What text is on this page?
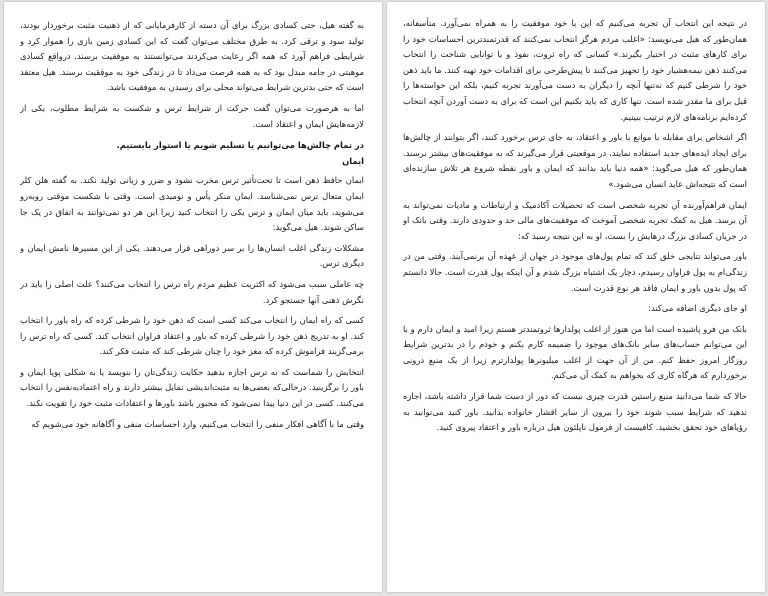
به گفته هیل، حتی کسادی بزرگ برای آن دسته از کارفرمایانی که از ذهنیت مثبت برخوردار بودند، تولید سود و ترقی کرد. به طرق مختلف می‌توان گفت که این کسادی زمین بازی را هموار کرد و شرایطی فراهم آورد که همه اگر رعایت می‌کردند می‌توانستند به موفقیت برسند. درواقع کسادی موهبتی در جامه مبدل بود که به همه فرصت می‌داد تا در زندگی خود به موفقیت برسند. هیل معتقد است که حتی بدترین شرایط می‌تواند محلی برای رسیدن به موفقیت باشد.

اما به هرصورت می‌توان گفت حرکت از شرایط ترس و شکست به شرایط مطلوب، یکی از لازمه‌هایش ایمان و اعتقاد است.

در تمام چالش‌ها می‌توانیم یا تسلیم شویم یا استوار بایستیم.

ایمان

ایمان حافظ ذهن است تا تحت‌تأثیر ترس مخرب نشود و ضرر و زیانی تولید نکند. به گفته هلن کلر ایمان متعال ترس نمی‌شناسد. ایمان منکر یأس و نومیدی است. وقتی با شکست موقتی روبه‌رو می‌شوید، باید میان ایمان و ترس یکی را انتخاب کنید زیرا این هر دو نمی‌توانند به اتفاق در یک جا ساکن شوند. هیل می‌گوید:

مشکلات زندگی اغلب انسان‌ها را بر سر دوراهی قرار می‌دهند. یکی از این مسیرها نامش ایمان و دیگری ترس.

چه عاملی سبب می‌شود که اکثریت عظیم مردم راه ترس را انتخاب می‌کنند؟ علت اصلی را باید در نگرش ذهنی آنها جستجو کرد.

کسی که راه ایمان را انتخاب می‌کند کسی است که ذهن خود را شرطی کرده که راه باور را انتخاب کند. او به تدریج ذهن خود را شرطی کرده که باور و اعتقاد فراوان انتخاب کند. کسی که راه ترس را برمی‌گزیند فراموش کرده که مغز خود را چنان شرطی کند که مثبت فکر کند.

انتخابش را شماست که به ترس اجازه بدهید حکایت زندگی‌تان را بنویسد یا به شکلی پویا ایمان و باور را برگزینید. درحالی‌که بعضی‌ها به مثبت‌اندیشی تمایل بیشتر دارند و راه اعتمادبه‌نفس را انتخاب می‌کنند. کسی در این دنیا پیدا نمی‌شود که مجبور باشد باورها و اعتقادات مثبت خود را تقویت نکند.

وقتی ما با آگاهی افکار منفی را انتخاب می‌کنیم، وارد احساسات منفی و آگاهانه خود می‌شویم که

در نتیجه این انتخاب آن تجربه می‌کنیم که این با خود موفقیت را به همراه نمی‌آورد. متأسفانه، همان‌طور که هیل می‌نویسد: «اغلب مردم هرگز انتخاب نمی‌کنند که قدرتمندترین احساسات خود را برای کارهای مثبت در اختیار بگیرند.» کسانی که راه ثروت، نفوذ و یا توانایی شناخت را انتخاب می‌کنند ذهن نیمه‌هشیار خود را تجهیز می‌کنند تا پیش‌طرحی برای اقدامات خود تهیه کنند. ما باید ذهن خود را شرطی کنیم که نه‌تنها آنچه را دیگران به دست می‌آورند تجربه کنیم، بلکه این خواسته‌ها را قبل برای ما مقدر شده است. تنها کاری که باید بکنیم این است که برای به دست آوردن آنچه انتخاب کرده‌ایم برنامه‌های لازم ترتیب ببینیم.

اگر اشخاص برای مقابله با موانع با باور و اعتقاد، به جای ترس برخورد کنند، اگر بتوانند از چالش‌ها برای ایجاد ایده‌های جدید استفاده نمایند، در موقعیتی قرار می‌گیرند که به موفقیت‌های بیشتر برسند. همان‌طور که هیل می‌گوید: «همه دنیا باید بدانند که ایمان و باور نقطه شروع هر تلاش سازنده‌ای است که نتیجه‌اش عاید انسان می‌شود.»

ایمان فراهم‌آورنده آن تجربه شخصی است که تحصیلات آکادمیک و ارتباطات و مادیات نمی‌تواند به آن برسد. هیل به کمک تجربه شخصی آموخت که موفقیت‌های مالی حد و حدودی دارند. وقتی بانک او در جریان کسادی بزرگ درهایش را بست، او به این نتیجه رسید که:

باور می‌تواند نتایجی خلق کند که تمام پول‌های موجود در جهان از عهده آن برنمی‌آیند. وقتی من در زندگی‌ام به پول فراوان رسیدم، دچار یک اشتباه بزرگ شدم و آن اینکه پول قدرت است. حالا دانستم که پول بدون باور و ایمان فاقد هر نوع قدرت است.

او جای دیگری اضافه می‌کند:

بانک من فرو پاشیده است اما من هنوز از اغلب پولدارها ثروتمندتر هستم زیرا امید و ایمان دارم و با این می‌توانم حساب‌های سایر بانک‌های موجود را ضمیمه کارم بکنم و خودم را در بدترین شرایط روزگار امروز حفظ کنم. من از آن جهت از اغلب میلیونرها پولدارترم زیرا از یک منبع درونی برخوردارم که هرگاه کاری که بخواهم به کمک آن می‌کنم.

حالا که شما می‌دانید منبع راستین قدرت چیزی نیست که دور از دست شما قرار داشته باشد، اجازه ندهید که شرایط سبب شوند خود را بیرون از سایر اقشار خانواده بدانید. باور کنید می‌توانید به رؤیاهای خود تحقق بخشید. کافیست از فرمول ناپلئون هیل درباره باور و اعتقاد پیروی کنید.
